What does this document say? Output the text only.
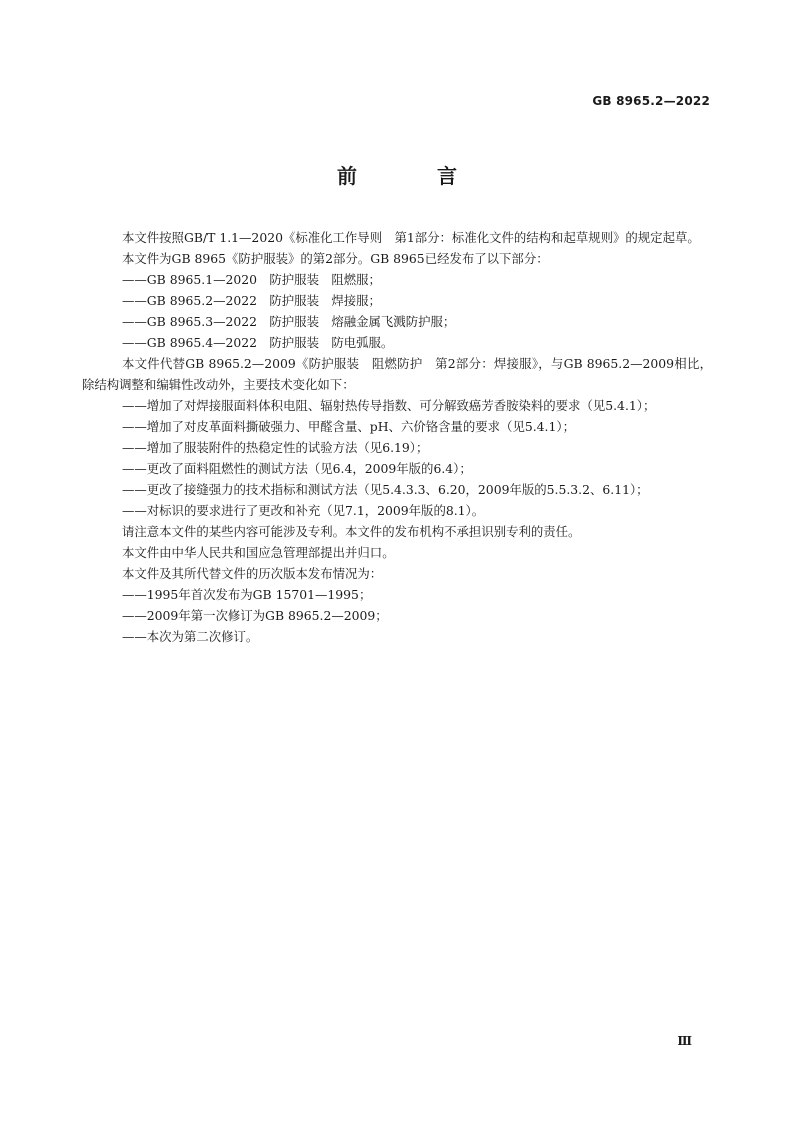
GB 8965.2—2022
前　言

本文件按照GB/T 1.1—2020《标准化工作导则　第1部分：标准化文件的结构和起草规则》的规定起草。

本文件为GB 8965《防护服装》的第2部分。GB 8965已经发布了以下部分：

——GB 8965.1—2020　防护服装　阻燃服；

——GB 8965.2—2022　防护服装　焊接服；

——GB 8965.3—2022　防护服装　熔融金属飞溅防护服；

——GB 8965.4—2022　防护服装　防电弧服。

本文件代替GB 8965.2—2009《防护服装　阻燃防护　第2部分：焊接服》，与GB 8965.2—2009相比，除结构调整和编辑性改动外，主要技术变化如下：

——增加了对焊接服面料体积电阻、辐射热传导指数、可分解致癌芳香胺染料的要求（见5.4.1）；

——增加了对皮革面料撕破强力、甲醛含量、pH、六价铬含量的要求（见5.4.1）；

——增加了服装附件的热稳定性的试验方法（见6.19）；

——更改了面料阻燃性的测试方法（见6.4，2009年版的6.4）；

——更改了接缝强力的技术指标和测试方法（见5.4.3.3、6.20，2009年版的5.5.3.2、6.11）；

——对标识的要求进行了更改和补充（见7.1，2009年版的8.1）。

请注意本文件的某些内容可能涉及专利。本文件的发布机构不承担识别专利的责任。

本文件由中华人民共和国应急管理部提出并归口。

本文件及其所代替文件的历次版本发布情况为：

——1995年首次发布为GB 15701—1995；

——2009年第一次修订为GB 8965.2—2009；

——本次为第二次修订。

Ⅲ
